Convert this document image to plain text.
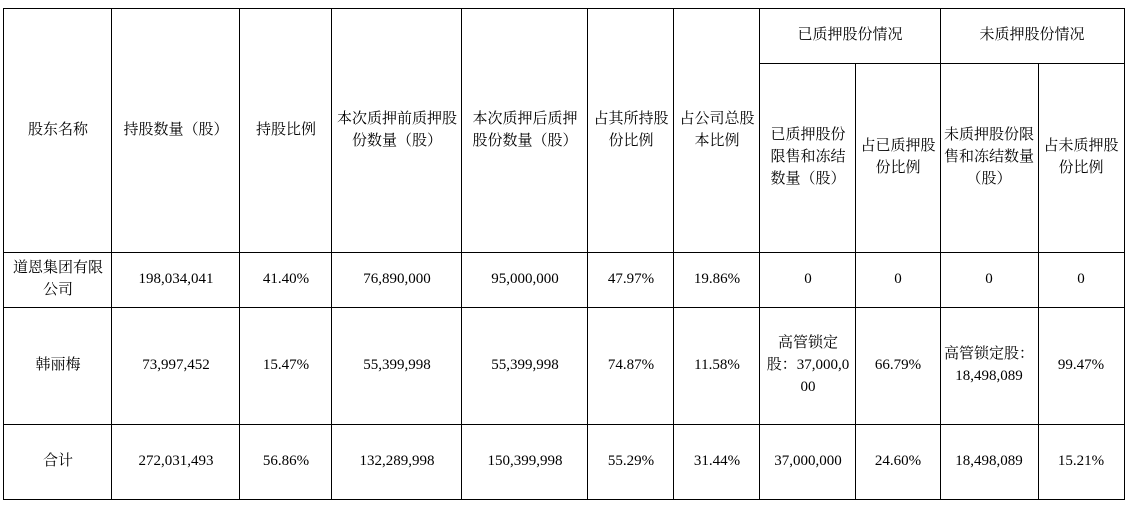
股东名称	持股数量（股）	持股比例	本次质押前质押股份数量（股）	本次质押后质押股份数量（股）	占其所持股份比例	占公司总股本比例	已质押股份情况		未质押股份情况	
							已质押股份限售和冻结数量（股）	占已质押股份比例	未质押股份限售和冻结数量（股）	占未质押股份比例
道恩集团有限公司	198,034,041	41.40%	76,890,000	95,000,000	47.97%	19.86%	0	0	0	0
韩丽梅	73,997,452	15.47%	55,399,998	55,399,998	74.87%	11.58%	高管锁定股：37,000,000	66.79%	高管锁定股：18,498,089	99.47%
合计	272,031,493	56.86%	132,289,998	150,399,998	55.29%	31.44%	37,000,000	24.60%	18,498,089	15.21%
